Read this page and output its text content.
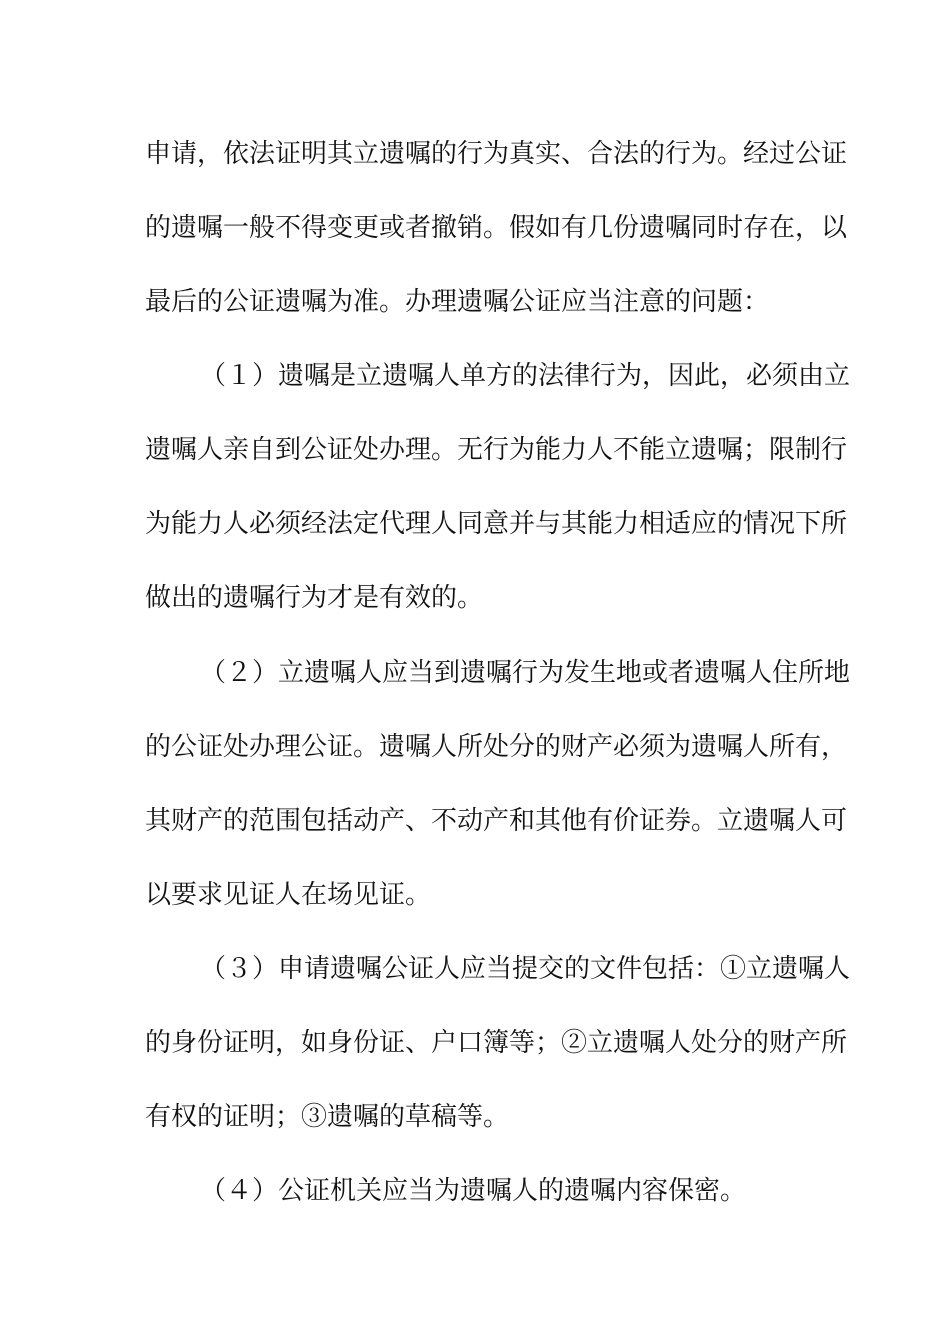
申请，依法证明其立遗嘱的行为真实、合法的行为。经过公证

的遗嘱一般不得变更或者撤销。假如有几份遗嘱同时存在，以

最后的公证遗嘱为准。办理遗嘱公证应当注意的问题：

（１）遗嘱是立遗嘱人单方的法律行为，因此，必须由立

遗嘱人亲自到公证处办理。无行为能力人不能立遗嘱；限制行

为能力人必须经法定代理人同意并与其能力相适应的情况下所

做出的遗嘱行为才是有效的。

（２）立遗嘱人应当到遗嘱行为发生地或者遗嘱人住所地

的公证处办理公证。遗嘱人所处分的财产必须为遗嘱人所有，

其财产的范围包括动产、不动产和其他有价证券。立遗嘱人可

以要求见证人在场见证。

（３）申请遗嘱公证人应当提交的文件包括：①立遗嘱人

的身份证明，如身份证、户口簿等；②立遗嘱人处分的财产所

有权的证明；③遗嘱的草稿等。

（４）公证机关应当为遗嘱人的遗嘱内容保密。
